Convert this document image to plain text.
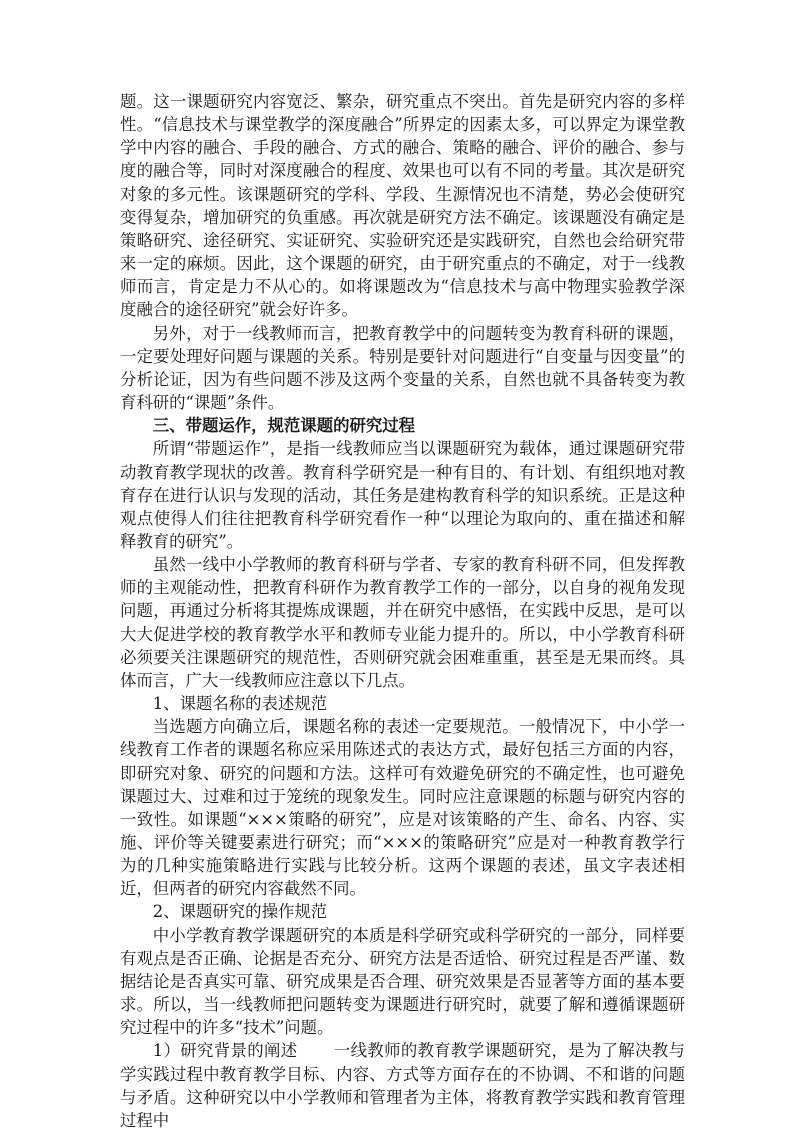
题。这一课题研究内容宽泛、繁杂，研究重点不突出。首先是研究内容的多样性。“信息技术与课堂教学的深度融合”所界定的因素太多，可以界定为课堂教学中内容的融合、手段的融合、方式的融合、策略的融合、评价的融合、参与度的融合等，同时对深度融合的程度、效果也可以有不同的考量。其次是研究对象的多元性。该课题研究的学科、学段、生源情况也不清楚，势必会使研究变得复杂，增加研究的负重感。再次就是研究方法不确定。该课题没有确定是策略研究、途径研究、实证研究、实验研究还是实践研究，自然也会给研究带来一定的麻烦。因此，这个课题的研究，由于研究重点的不确定，对于一线教师而言，肯定是力不从心的。如将课题改为“信息技术与高中物理实验教学深度融合的途径研究”就会好许多。

另外，对于一线教师而言，把教育教学中的问题转变为教育科研的课题，一定要处理好问题与课题的关系。特别是要针对问题进行“自变量与因变量”的分析论证，因为有些问题不涉及这两个变量的关系，自然也就不具备转变为教育科研的“课题”条件。

三、带题运作，规范课题的研究过程

所谓“带题运作”，是指一线教师应当以课题研究为载体，通过课题研究带动教育教学现状的改善。教育科学研究是一种有目的、有计划、有组织地对教育存在进行认识与发现的活动，其任务是建构教育科学的知识系统。正是这种观点使得人们往往把教育科学研究看作一种“以理论为取向的、重在描述和解释教育的研究”。

虽然一线中小学教师的教育科研与学者、专家的教育科研不同，但发挥教师的主观能动性，把教育科研作为教育教学工作的一部分，以自身的视角发现问题，再通过分析将其提炼成课题，并在研究中感悟，在实践中反思，是可以大大促进学校的教育教学水平和教师专业能力提升的。所以，中小学教育科研必须要关注课题研究的规范性，否则研究就会困难重重，甚至是无果而终。具体而言，广大一线教师应注意以下几点。

1、课题名称的表述规范

当选题方向确立后，课题名称的表述一定要规范。一般情况下，中小学一线教育工作者的课题名称应采用陈述式的表达方式，最好包括三方面的内容，即研究对象、研究的问题和方法。这样可有效避免研究的不确定性，也可避免课题过大、过难和过于笼统的现象发生。同时应注意课题的标题与研究内容的一致性。如课题“×××策略的研究”，应是对该策略的产生、命名、内容、实施、评价等关键要素进行研究；而“×××的策略研究”应是对一种教育教学行为的几种实施策略进行实践与比较分析。这两个课题的表述，虽文字表述相近，但两者的研究内容截然不同。

2、课题研究的操作规范

中小学教育教学课题研究的本质是科学研究或科学研究的一部分，同样要有观点是否正确、论据是否充分、研究方法是否适恰、研究过程是否严谨、数据结论是否真实可靠、研究成果是否合理、研究效果是否显著等方面的基本要求。所以，当一线教师把问题转变为课题进行研究时，就要了解和遵循课题研究过程中的许多“技术”问题。

1）研究背景的阐述 一线教师的教育教学课题研究，是为了解决教与学实践过程中教育教学目标、内容、方式等方面存在的不协调、不和谐的问题与矛盾。这种研究以中小学教师和管理者为主体，将教育教学实践和教育管理过程中
